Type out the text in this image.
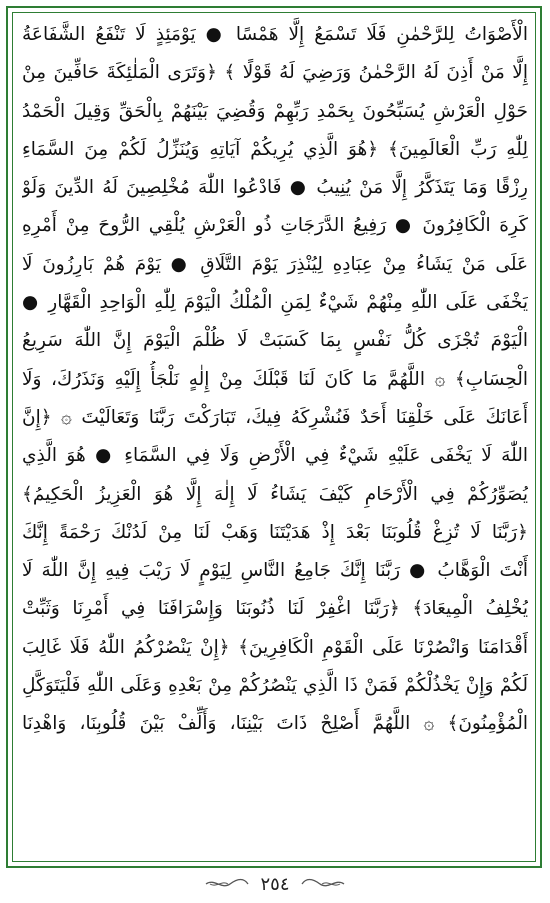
الْأَصْوَاتُ لِلرَّحْمٰنِ فَلَا تَسْمَعُ إِلَّا هَمْسًا ● يَوْمَئِذٍ لَا تَنْفَعُ الشَّفَاعَةُ
إِلَّا مَنْ أَذِنَ لَهُ الرَّحْمٰنُ وَرَضِيَ لَهُ قَوْلًا ﴾ ﴿وَتَرَى الْمَلٰئِكَةَ حَافِّينَ مِنْ
حَوْلِ الْعَرْشِ يُسَبِّحُونَ بِحَمْدِ رَبِّهِمْ وَقُضِيَ بَيْنَهُمْ بِالْحَقِّ وَقِيلَ الْحَمْدُ
لِلّٰهِ رَبِّ الْعَالَمِينَ﴾ ﴿هُوَ الَّذِي يُرِيكُمْ آيَاتِهِ وَيُنَزِّلُ لَكُمْ مِنَ السَّمَاءِ
رِزْقًا وَمَا يَتَذَكَّرُ إِلَّا مَنْ يُنِيبُ ● فَادْعُوا اللّٰهَ مُخْلِصِينَ لَهُ الدِّينَ وَلَوْ
كَرِهَ الْكَافِرُونَ ● رَفِيعُ الدَّرَجَاتِ ذُو الْعَرْشِ يُلْقِي الرُّوحَ مِنْ أَمْرِهِ
عَلَى مَنْ يَشَاءُ مِنْ عِبَادِهِ لِيُنْذِرَ يَوْمَ التَّلَاقِ ● يَوْمَ هُمْ بَارِزُونَ لَا
يَخْفَى عَلَى اللّٰهِ مِنْهُمْ شَيْءٌ لِمَنِ الْمُلْكُ الْيَوْمَ لِلّٰهِ الْوَاحِدِ الْقَهَّارِ ●
الْيَوْمَ تُجْزَى كُلُّ نَفْسٍ بِمَا كَسَبَتْ لَا ظُلْمَ الْيَوْمَ إِنَّ اللّٰهَ سَرِيعُ
الْحِسَابِ﴾ ۞ اللَّهُمَّ مَا كَانَ لَنَا قَبْلَكَ مِنْ إِلٰهٍ نَلْجَأُ إِلَيْهِ وَنَذَرُكَ، وَلَا
أَعَانَكَ عَلَى خَلْقِنَا أَحَدٌ فَنُشْرِكَهُ فِيكَ، تَبَارَكْتَ رَبَّنَا وَتَعَالَيْتَ ۞ ﴿إِنَّ
اللّٰهَ لَا يَخْفَى عَلَيْهِ شَيْءٌ فِي الْأَرْضِ وَلَا فِي السَّمَاءِ ● هُوَ الَّذِي
يُصَوِّرُكُمْ فِي الْأَرْحَامِ كَيْفَ يَشَاءُ لَا إِلٰهَ إِلَّا هُوَ الْعَزِيزُ الْحَكِيمُ﴾
﴿رَبَّنَا لَا تُزِغْ قُلُوبَنَا بَعْدَ إِذْ هَدَيْتَنَا وَهَبْ لَنَا مِنْ لَدُنْكَ رَحْمَةً إِنَّكَ
أَنْتَ الْوَهَّابُ ● رَبَّنَا إِنَّكَ جَامِعُ النَّاسِ لِيَوْمٍ لَا رَيْبَ فِيهِ إِنَّ اللّٰهَ لَا
يُخْلِفُ الْمِيعَادَ﴾ ﴿رَبَّنَا اغْفِرْ لَنَا ذُنُوبَنَا وَإِسْرَافَنَا فِي أَمْرِنَا وَثَبِّتْ
أَقْدَامَنَا وَانْصُرْنَا عَلَى الْقَوْمِ الْكَافِرِينَ﴾ ﴿إِنْ يَنْصُرْكُمُ اللّٰهُ فَلَا غَالِبَ
لَكُمْ وَإِنْ يَخْذُلْكُمْ فَمَنْ ذَا الَّذِي يَنْصُرُكُمْ مِنْ بَعْدِهِ وَعَلَى اللّٰهِ فَلْيَتَوَكَّلِ
الْمُؤْمِنُونَ﴾ ۞ اللَّهُمَّ أَصْلِحْ ذَاتَ بَيْنِنَا، وَأَلِّفْ بَيْنَ قُلُوبِنَا، وَاهْدِنَا
٢٥٤
